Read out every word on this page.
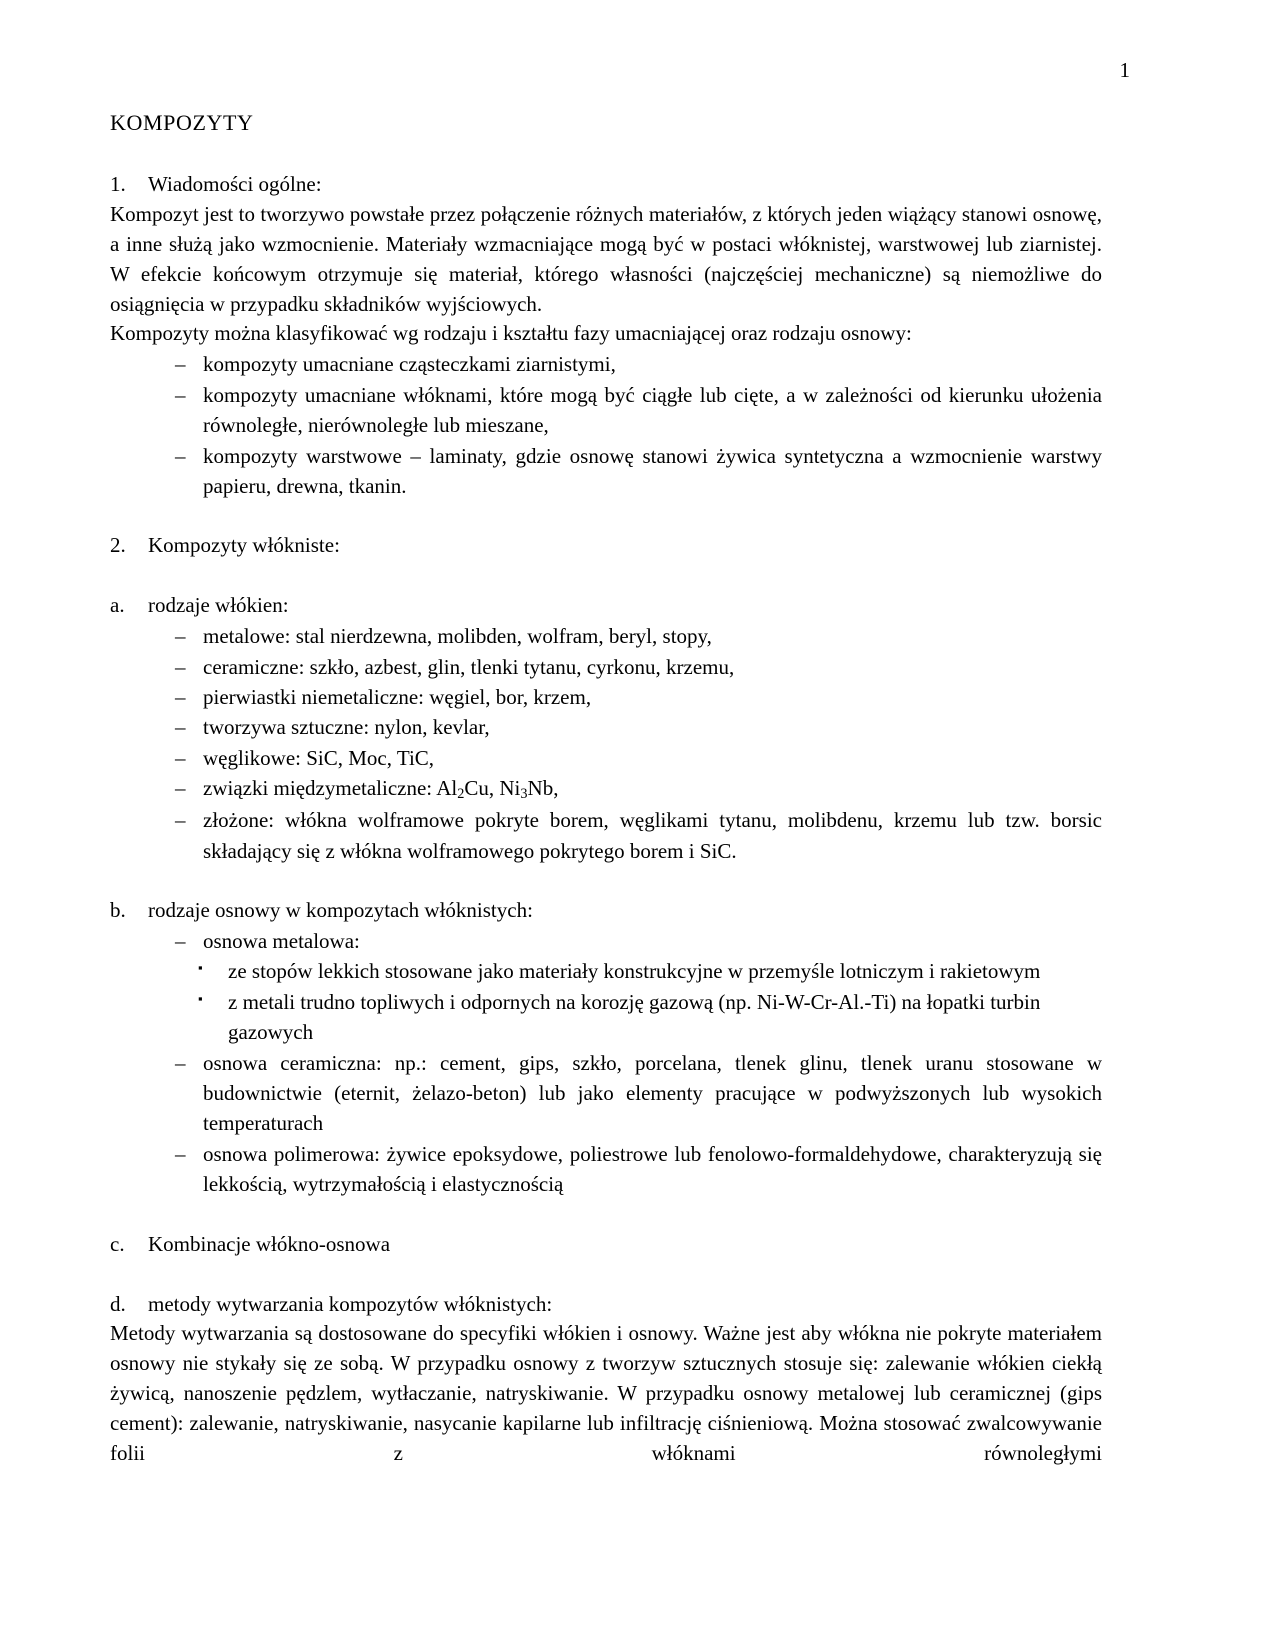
1
KOMPOZYTY
1.	Wiadomości ogólne:

Kompozyt jest to tworzywo powstałe przez połączenie różnych materiałów, z których jeden wiążący stanowi osnowę, a inne służą jako wzmocnienie. Materiały wzmacniające mogą być w postaci włóknistej, warstwowej lub ziarnistej. W efekcie końcowym otrzymuje się materiał, którego własności (najczęściej mechaniczne) są niemożliwe do osiągnięcia w przypadku składników wyjściowych.

Kompozyty można klasyfikować wg rodzaju i kształtu fazy umacniającej oraz rodzaju osnowy:

– kompozyty umacniane cząsteczkami ziarnistymi,
– kompozyty umacniane włóknami, które mogą być ciągłe lub cięte, a w zależności od kierunku ułożenia równoległe, nierównoległe lub mieszane,
– kompozyty warstwowe – laminaty, gdzie osnowę stanowi żywica syntetyczna a wzmocnienie warstwy papieru, drewna, tkanin.
2.	Kompozyty włókniste:
a.	rodzaje włókien:
– metalowe: stal nierdzewna, molibden, wolfram, beryl, stopy,
– ceramiczne: szkło, azbest, glin, tlenki tytanu, cyrkonu, krzemu,
– pierwiastki niemetaliczne: węgiel, bor, krzem,
– tworzywa sztuczne: nylon, kevlar,
– węglikowe: SiC, Moc, TiC,
– związki międzymetaliczne: $Al_2Cu$, $Ni_3Nb$,
– złożone: włókna wolframowe pokryte borem, węglikami tytanu, molibdenu, krzemu lub tzw. borsic składający się z włókna wolframowego pokrytego borem i SiC.
b.	rodzaje osnowy w kompozytach włóknistych:
– osnowa metalowa:
▪	ze stopów lekkich stosowane jako materiały konstrukcyjne w przemyśle lotniczym i rakietowym
▪	z metali trudno topliwych i odpornych na korozję gazową (np. Ni-W-Cr-Al.-Ti) na łopatki turbin gazowych
– osnowa ceramiczna: np.: cement, gips, szkło, porcelana, tlenek glinu, tlenek uranu stosowane w budownictwie (eternit, żelazo-beton) lub jako elementy pracujące w podwyższonych lub wysokich temperaturach
– osnowa polimerowa: żywice epoksydowe, poliestrowe lub fenolowo-formaldehydowe, charakteryzują się lekkością, wytrzymałością i elastycznością
c.	Kombinacje włókno-osnowa
d.	metody wytwarzania kompozytów włóknistych:

Metody wytwarzania są dostosowane do specyfiki włókien i osnowy. Ważne jest aby włókna nie pokryte materiałem osnowy nie stykały się ze sobą. W przypadku osnowy z tworzyw sztucznych stosuje się: zalewanie włókien ciekłą żywicą, nanoszenie pędzlem, wytłaczanie, natryskiwanie. W przypadku osnowy metalowej lub ceramicznej (gips cement): zalewanie, natryskiwanie, nasycanie kapilarne lub infiltrację ciśnieniową. Można stosować zwalcowywanie folii z włóknami równoległymi
